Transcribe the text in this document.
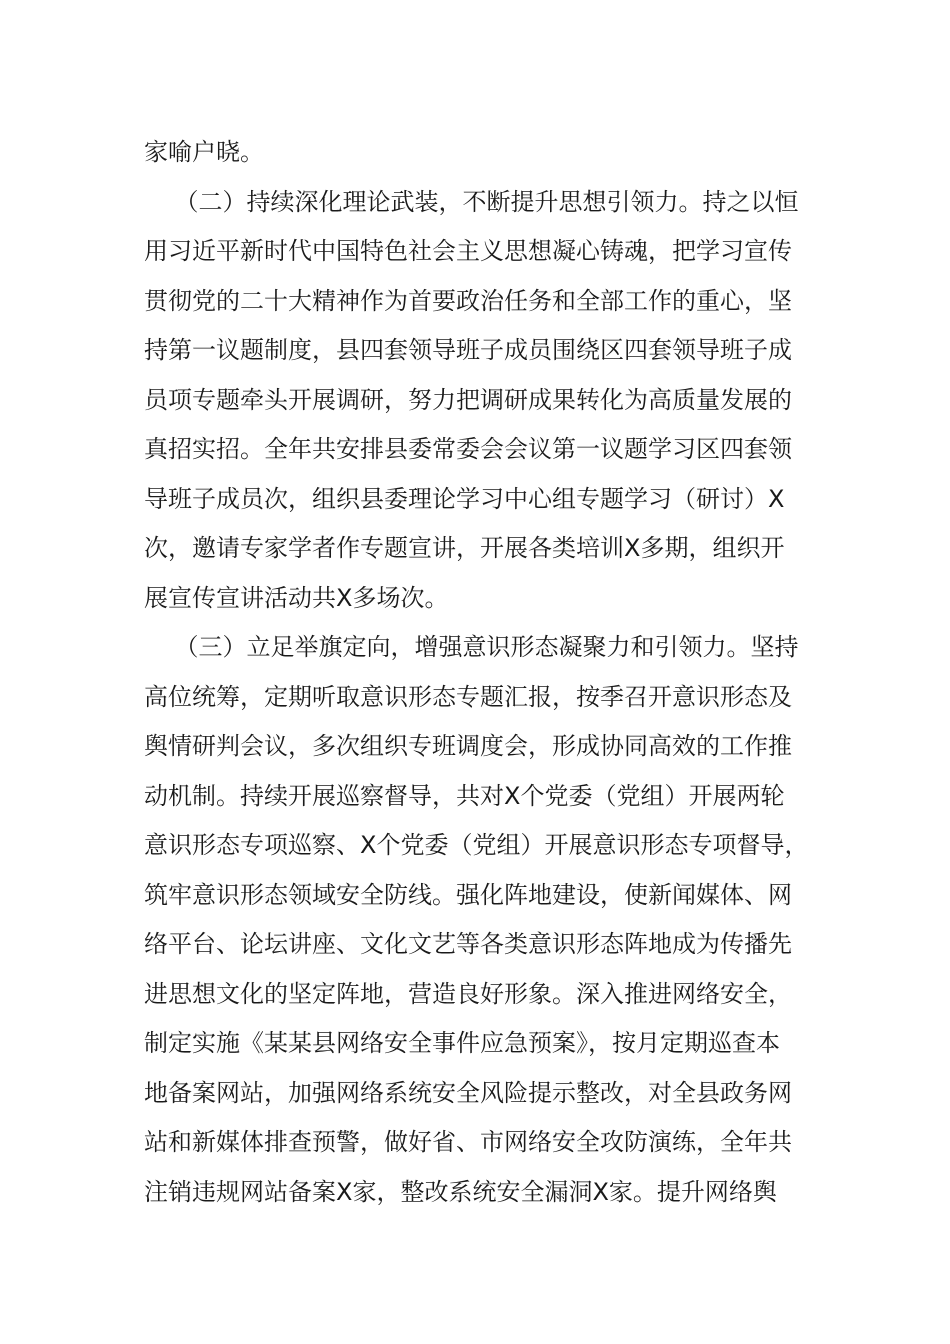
家喻户晓。
（二）持续深化理论武装，不断提升思想引领力。持之以恒
用习近平新时代中国特色社会主义思想凝心铸魂，把学习宣传
贯彻党的二十大精神作为首要政治任务和全部工作的重心，坚
持第一议题制度，县四套领导班子成员围绕区四套领导班子成
员项专题牵头开展调研，努力把调研成果转化为高质量发展的
真招实招。全年共安排县委常委会会议第一议题学习区四套领
导班子成员次，组织县委理论学习中心组专题学习（研讨）X
次，邀请专家学者作专题宣讲，开展各类培训X多期，组织开
展宣传宣讲活动共X多场次。
（三）立足举旗定向，增强意识形态凝聚力和引领力。坚持
高位统筹，定期听取意识形态专题汇报，按季召开意识形态及
舆情研判会议，多次组织专班调度会，形成协同高效的工作推
动机制。持续开展巡察督导，共对X个党委（党组）开展两轮
意识形态专项巡察、X个党委（党组）开展意识形态专项督导，
筑牢意识形态领域安全防线。强化阵地建设，使新闻媒体、网
络平台、论坛讲座、文化文艺等各类意识形态阵地成为传播先
进思想文化的坚定阵地，营造良好形象。深入推进网络安全，
制定实施《某某县网络安全事件应急预案》，按月定期巡查本
地备案网站，加强网络系统安全风险提示整改，对全县政务网
站和新媒体排查预警，做好省、市网络安全攻防演练，全年共
注销违规网站备案X家，整改系统安全漏洞X家。提升网络舆
